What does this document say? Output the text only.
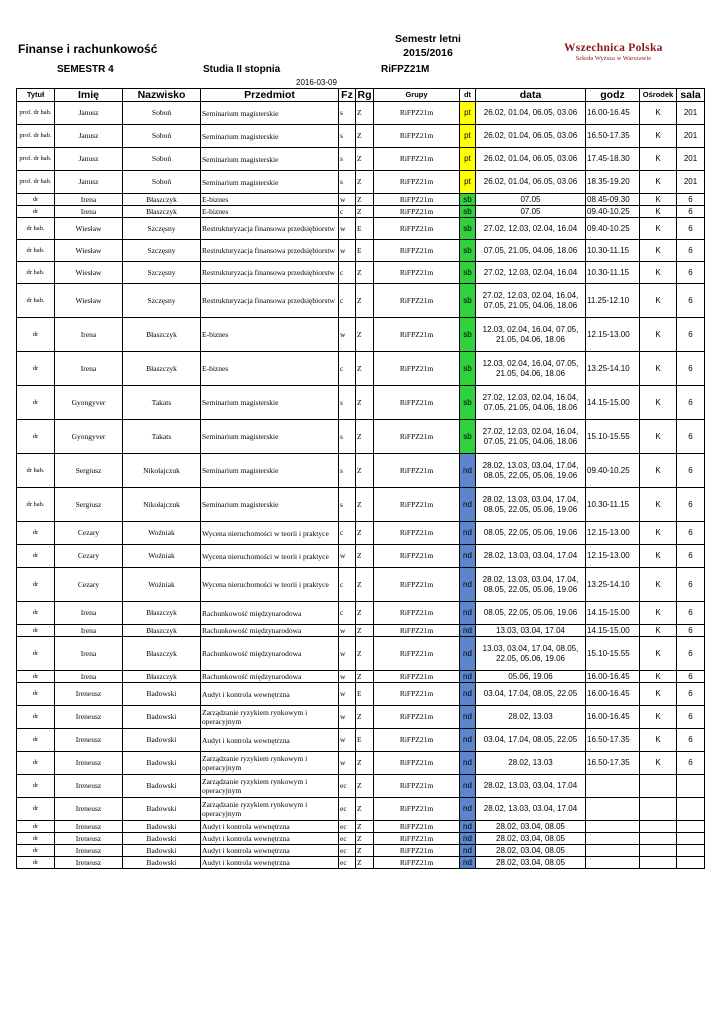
Finanse i rachunkowość
Semestr letni
2015/2016
SEMESTR 4	Studia II stopnia	RiFPZ21M
2016-03-09
Wszechnica Polska
Szkoła Wyższa w Warszawie
Tytuł	Imię	Nazwisko	Przedmiot	Fz	Rg	Grupy	dt	data	godz	Ośrodek	sala
prof. dr hab.	Janusz	Soboń	Seminarium magisterskie	s	Z	RiFPZ21m	pt	26.02, 01.04, 06.05, 03.06	16.00-16.45	K	201
prof. dr hab.	Janusz	Soboń	Seminarium magisterskie	s	Z	RiFPZ21m	pt	26.02, 01.04, 06.05, 03.06	16.50-17.35	K	201
prof. dr hab.	Janusz	Soboń	Seminarium magisterskie	s	Z	RiFPZ21m	pt	26.02, 01.04, 06.05, 03.06	17.45-18.30	K	201
prof. dr hab.	Janusz	Soboń	Seminarium magisterskie	s	Z	RiFPZ21m	pt	26.02, 01.04, 06.05, 03.06	18.35-19.20	K	201
dr	Irena	Błaszczyk	E-biznes	w	Z	RiFPZ21m	sb	07.05	08.45-09.30	K	6
dr	Irena	Błaszczyk	E-biznes	c	Z	RiFPZ21m	sb	07.05	09.40-10.25	K	6
dr hab.	Wiesław	Szczęsny	Restrukturyzacja finansowa przedsiębiorstw	w	E	RiFPZ21m	sb	27.02, 12.03, 02.04, 16.04	09.40-10.25	K	6
dr hab.	Wiesław	Szczęsny	Restrukturyzacja finansowa przedsiębiorstw	w	E	RiFPZ21m	sb	07.05, 21.05, 04.06, 18.06	10.30-11.15	K	6
dr hab.	Wiesław	Szczęsny	Restrukturyzacja finansowa przedsiębiorstw	c	Z	RiFPZ21m	sb	27.02, 12.03, 02.04, 16.04	10.30-11.15	K	6
dr hab.	Wiesław	Szczęsny	Restrukturyzacja finansowa przedsiębiorstw	c	Z	RiFPZ21m	sb	27.02, 12.03, 02.04, 16.04, 07.05, 21.05, 04.06, 18.06	11.25-12.10	K	6
dr	Irena	Błaszczyk	E-biznes	w	Z	RiFPZ21m	sb	12.03, 02.04, 16.04, 07.05, 21.05, 04.06, 18.06	12.15-13.00	K	6
dr	Irena	Błaszczyk	E-biznes	c	Z	RiFPZ21m	sb	12.03, 02.04, 16.04, 07.05, 21.05, 04.06, 18.06	13.25-14.10	K	6
dr	Gyongyver	Takats	Seminarium magisterskie	s	Z	RiFPZ21m	sb	27.02, 12.03, 02.04, 16.04, 07.05, 21.05, 04.06, 18.06	14.15-15.00	K	6
dr	Gyongyver	Takats	Seminarium magisterskie	s	Z	RiFPZ21m	sb	27.02, 12.03, 02.04, 16.04, 07.05, 21.05, 04.06, 18.06	15.10-15.55	K	6
dr hab.	Sergiusz	Nikołajczuk	Seminarium magisterskie	s	Z	RiFPZ21m	nd	28.02, 13.03, 03.04, 17.04, 08.05, 22.05, 05.06, 19.06	09.40-10.25	K	6
dr hab.	Sergiusz	Nikołajczuk	Seminarium magisterskie	s	Z	RiFPZ21m	nd	28.02, 13.03, 03.04, 17.04, 08.05, 22.05, 05.06, 19.06	10.30-11.15	K	6
dr	Cezary	Woźniak	Wycena nieruchomości w teorii i praktyce	c	Z	RiFPZ21m	nd	08.05, 22.05, 05.06, 19.06	12.15-13.00	K	6
dr	Cezary	Woźniak	Wycena nieruchomości w teorii i praktyce	w	Z	RiFPZ21m	nd	28.02, 13.03, 03.04, 17.04	12.15-13.00	K	6
dr	Cezary	Woźniak	Wycena nieruchomości w teorii i praktyce	c	Z	RiFPZ21m	nd	28.02, 13.03, 03.04, 17.04, 08.05, 22.05, 05.06, 19.06	13.25-14.10	K	6
dr	Irena	Błaszczyk	Rachunkowość międzynarodowa	c	Z	RiFPZ21m	nd	08.05, 22.05, 05.06, 19.06	14.15-15.00	K	6
dr	Irena	Błaszczyk	Rachunkowość międzynarodowa	w	Z	RiFPZ21m	nd	13.03, 03.04, 17.04	14.15-15.00	K	6
dr	Irena	Błaszczyk	Rachunkowość międzynarodowa	w	Z	RiFPZ21m	nd	13.03, 03.04, 17.04, 08.05, 22.05, 05.06, 19.06	15.10-15.55	K	6
dr	Irena	Błaszczyk	Rachunkowość międzynarodowa	w	Z	RiFPZ21m	nd	05.06, 19.06	16.00-16.45	K	6
dr	Ireneusz	Badowski	Audyt i kontrola wewnętrzna	w	E	RiFPZ21m	nd	03.04, 17.04, 08.05, 22.05	16.00-16.45	K	6
dr	Ireneusz	Badowski	Zarządzanie ryzykiem rynkowym i operacyjnym	w	Z	RiFPZ21m	nd	28.02, 13.03	16.00-16.45	K	6
dr	Ireneusz	Badowski	Audyt i kontrola wewnętrzna	w	E	RiFPZ21m	nd	03.04, 17.04, 08.05, 22.05	16.50-17.35	K	6
dr	Ireneusz	Badowski	Zarządzanie ryzykiem rynkowym i operacyjnym	w	Z	RiFPZ21m	nd	28.02, 13.03	16.50-17.35	K	6
dr	Ireneusz	Badowski	Zarządzanie ryzykiem rynkowym i operacyjnym	ec	Z	RiFPZ21m	nd	28.02, 13.03, 03.04, 17.04			
dr	Ireneusz	Badowski	Zarządzanie ryzykiem rynkowym i operacyjnym	ec	Z	RiFPZ21m	nd	28.02, 13.03, 03.04, 17.04			
dr	Ireneusz	Badowski	Audyt i kontrola wewnętrzna	ec	Z	RiFPZ21m	nd	28.02, 03.04, 08.05			
dr	Ireneusz	Badowski	Audyt i kontrola wewnętrzna	ec	Z	RiFPZ21m	nd	28.02, 03.04, 08.05			
dr	Ireneusz	Badowski	Audyt i kontrola wewnętrzna	ec	Z	RiFPZ21m	nd	28.02, 03.04, 08.05			
dr	Ireneusz	Badowski	Audyt i kontrola wewnętrzna	ec	Z	RiFPZ21m	nd	28.02, 03.04, 08.05			
